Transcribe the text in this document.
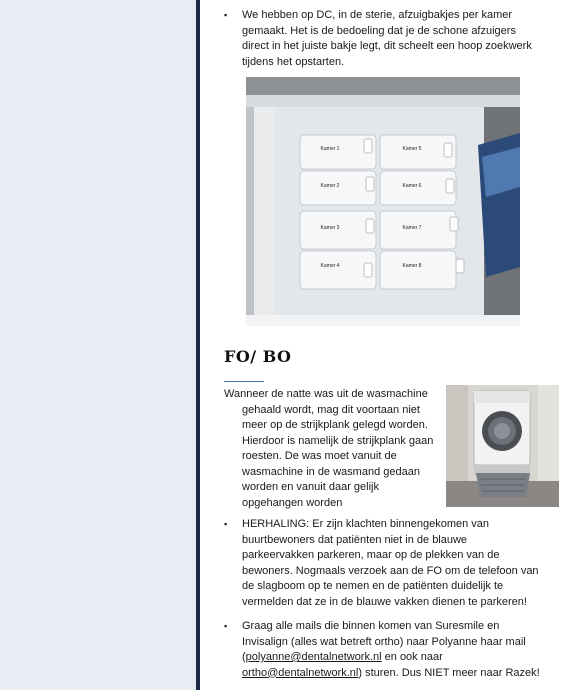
▪ We hebben op DC, in de sterie, afzuigbakjes per kamer
gemaakt. Het is de bedoeling dat je de schone afzuigers
direct in het juiste bakje legt, dit scheelt een hoop zoekwerk
tijdens het opstarten.
Kamer 1
Kamer 2
Kamer 3
Kamer 4
Kamer 5
Kamer 6
Kamer 7
Kamer 8
FO/ BO
Wanneer de natte was uit de wasmachine
gehaald wordt, mag dit voortaan niet
meer op de strijkplank gelegd worden.
Hierdoor is namelijk de strijkplank gaan
roesten. De was moet vanuit de
wasmachine in de wasmand gedaan
worden en vanuit daar gelijk
opgehangen worden
▪ HERHALING: Er zijn klachten binnengekomen van
buurtbewoners dat patiënten niet in de blauwe
parkeervakken parkeren, maar op de plekken van de
bewoners. Nogmaals verzoek aan de FO om de telefoon van
de slagboom op te nemen en de patiënten duidelijk te
vermelden dat ze in de blauwe vakken dienen te parkeren!
▪ Graag alle mails die binnen komen van Suresmile en
Invisalign (alles wat betreft ortho) naar Polyanne haar mail
(polyanne@dentalnetwork.nl en ook naar
ortho@dentalnetwork.nl) sturen. Dus NIET meer naar Razek!
